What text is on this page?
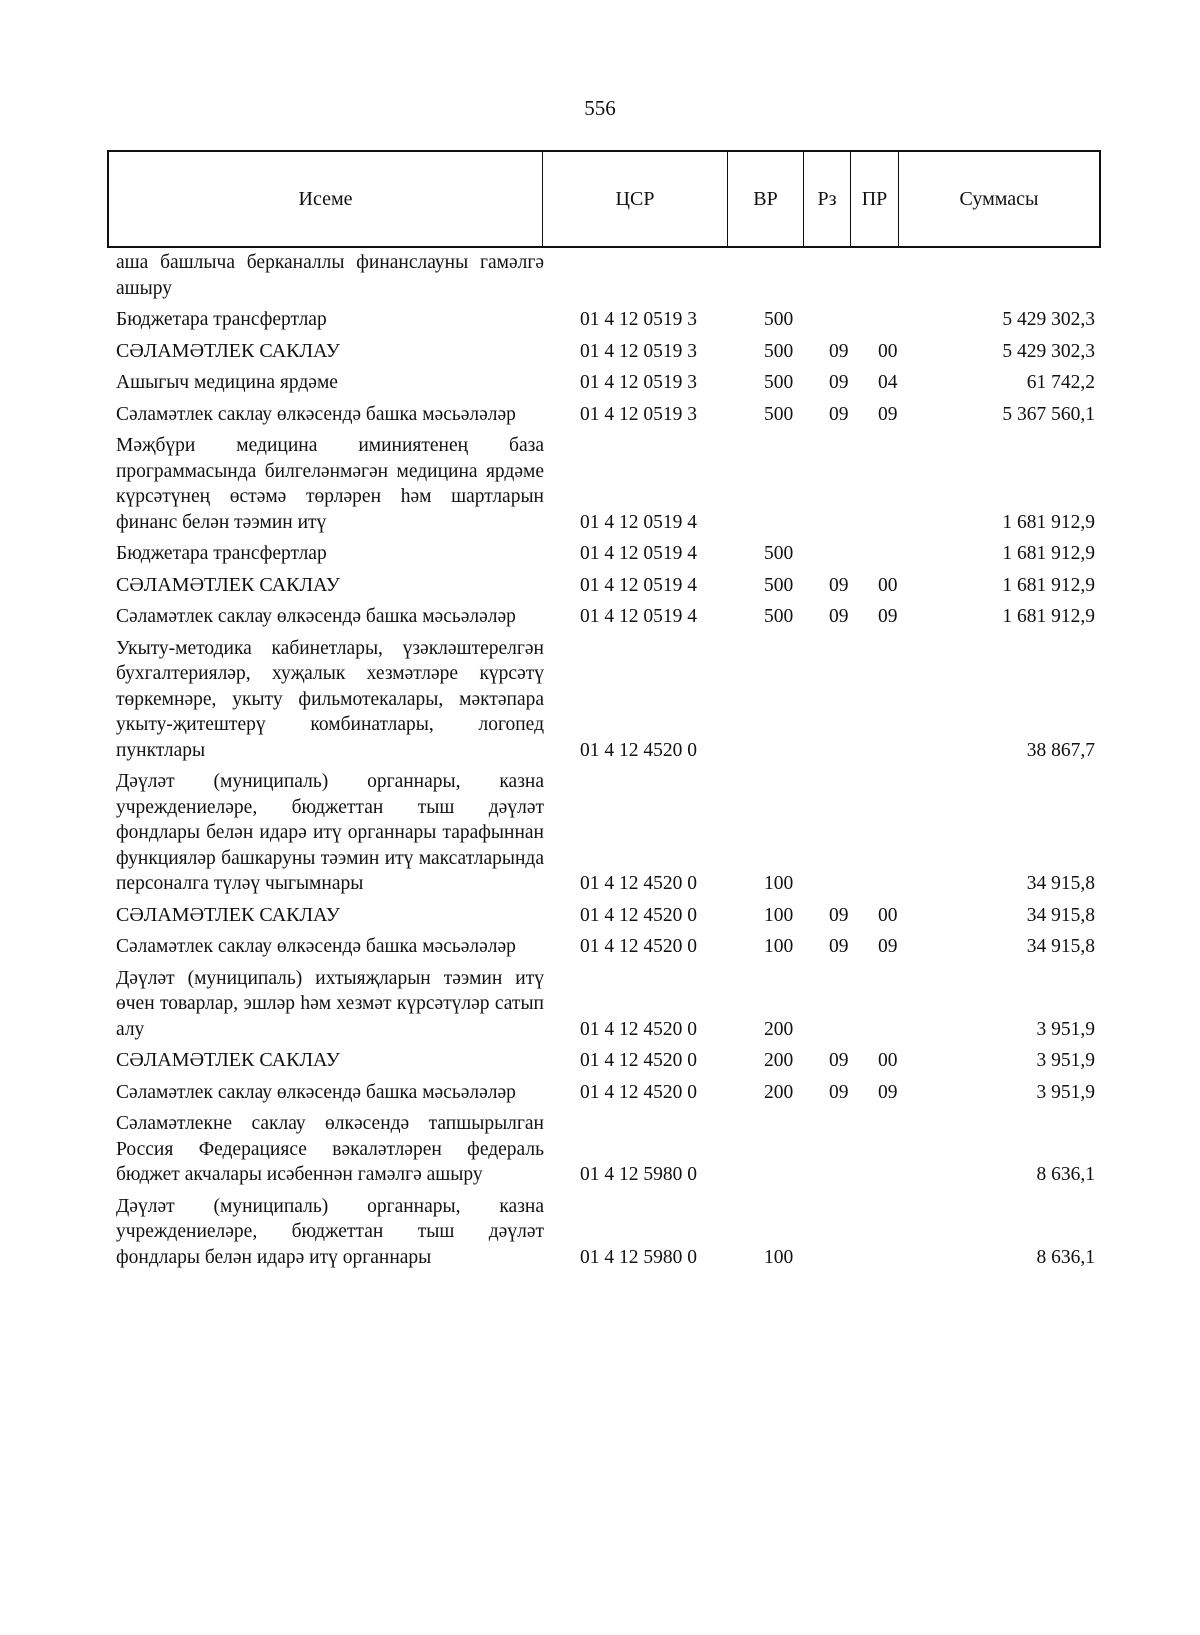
556
Исеме	ЦСР	ВР	Рз	ПР	Суммасы
аша башлыча берканаллы финанслауны гамәлгә ашыру
Бюджетара трансфертлар	01 4 12 0519 3	500	5 429 302,3
СӘЛАМӘТЛЕК САКЛАУ	01 4 12 0519 3	500 09 00	5 429 302,3
Ашыгыч медицина ярдәме	01 4 12 0519 3	500 09 04	61 742,2
Сәламәтлек саклау өлкәсендә башка мәсьәләләр	01 4 12 0519 3	500 09 09	5 367 560,1
Мәҗбүри медицина иминиятенең база программасында билгеләнмәгән медицина ярдәме күрсәтүнең өстәмә төрләрен һәм шартларын финанс белән тәэмин итү	01 4 12 0519 4	1 681 912,9
Бюджетара трансфертлар	01 4 12 0519 4	500	1 681 912,9
СӘЛАМӘТЛЕК САКЛАУ	01 4 12 0519 4	500 09 00	1 681 912,9
Сәламәтлек саклау өлкәсендә башка мәсьәләләр	01 4 12 0519 4	500 09 09	1 681 912,9
Укыту-методика кабинетлары, үзәкләштерелгән бухгалтерияләр, хуҗалык хезмәтләре күрсәтү төркемнәре, укыту фильмотекалары, мәктәпара укыту-җитештерү комбинатлары, логопед пунктлары	01 4 12 4520 0	38 867,7
Дәүләт (муниципаль) органнары, казна учреждениеләре, бюджеттан тыш дәүләт фондлары белән идарә итү органнары тарафыннан функцияләр башкаруны тәэмин итү максатларында персоналга түләү чыгымнары	01 4 12 4520 0	100	34 915,8
СӘЛАМӘТЛЕК САКЛАУ	01 4 12 4520 0	100 09 00	34 915,8
Сәламәтлек саклау өлкәсендә башка мәсьәләләр	01 4 12 4520 0	100 09 09	34 915,8
Дәүләт (муниципаль) ихтыяҗларын тәэмин итү өчен товарлар, эшләр һәм хезмәт күрсәтүләр сатып алу	01 4 12 4520 0	200	3 951,9
СӘЛАМӘТЛЕК САКЛАУ	01 4 12 4520 0	200 09 00	3 951,9
Сәламәтлек саклау өлкәсендә башка мәсьәләләр	01 4 12 4520 0	200 09 09	3 951,9
Сәламәтлекне саклау өлкәсендә тапшырылган Россия Федерациясе вәкаләтләрен федераль бюджет акчалары исәбеннән гамәлгә ашыру	01 4 12 5980 0	8 636,1
Дәүләт (муниципаль) органнары, казна учреждениеләре, бюджеттан тыш дәүләт фондлары белән идарә итү органнары	01 4 12 5980 0	100	8 636,1
